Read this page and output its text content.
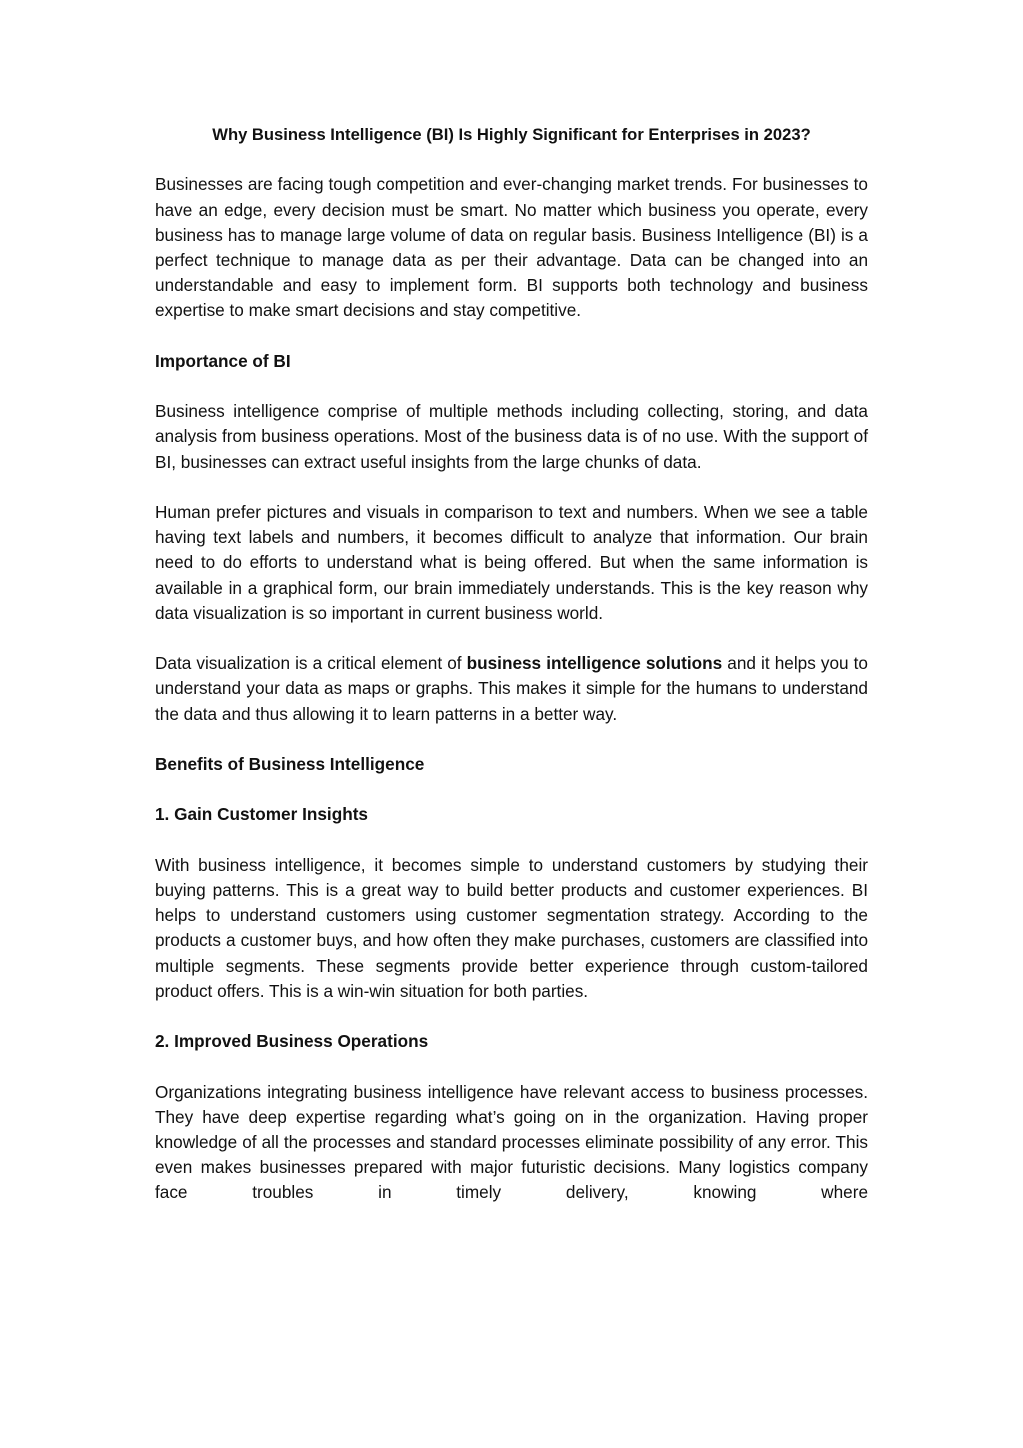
Why Business Intelligence (BI) Is Highly Significant for Enterprises in 2023?

Businesses are facing tough competition and ever-changing market trends. For businesses to have an edge, every decision must be smart. No matter which business you operate, every business has to manage large volume of data on regular basis. Business Intelligence (BI) is a perfect technique to manage data as per their advantage. Data can be changed into an understandable and easy to implement form. BI supports both technology and business expertise to make smart decisions and stay competitive.

Importance of BI

Business intelligence comprise of multiple methods including collecting, storing, and data analysis from business operations. Most of the business data is of no use. With the support of BI, businesses can extract useful insights from the large chunks of data.

Human prefer pictures and visuals in comparison to text and numbers. When we see a table having text labels and numbers, it becomes difficult to analyze that information. Our brain need to do efforts to understand what is being offered. But when the same information is available in a graphical form, our brain immediately understands. This is the key reason why data visualization is so important in current business world.

Data visualization is a critical element of business intelligence solutions and it helps you to understand your data as maps or graphs. This makes it simple for the humans to understand the data and thus allowing it to learn patterns in a better way.

Benefits of Business Intelligence
1. Gain Customer Insights

With business intelligence, it becomes simple to understand customers by studying their buying patterns. This is a great way to build better products and customer experiences. BI helps to understand customers using customer segmentation strategy. According to the products a customer buys, and how often they make purchases, customers are classified into multiple segments. These segments provide better experience through custom-tailored product offers. This is a win-win situation for both parties.

2. Improved Business Operations

Organizations integrating business intelligence have relevant access to business processes. They have deep expertise regarding what’s going on in the organization. Having proper knowledge of all the processes and standard processes eliminate possibility of any error. This even makes businesses prepared with major futuristic decisions. Many logistics company face troubles in timely delivery, knowing where
